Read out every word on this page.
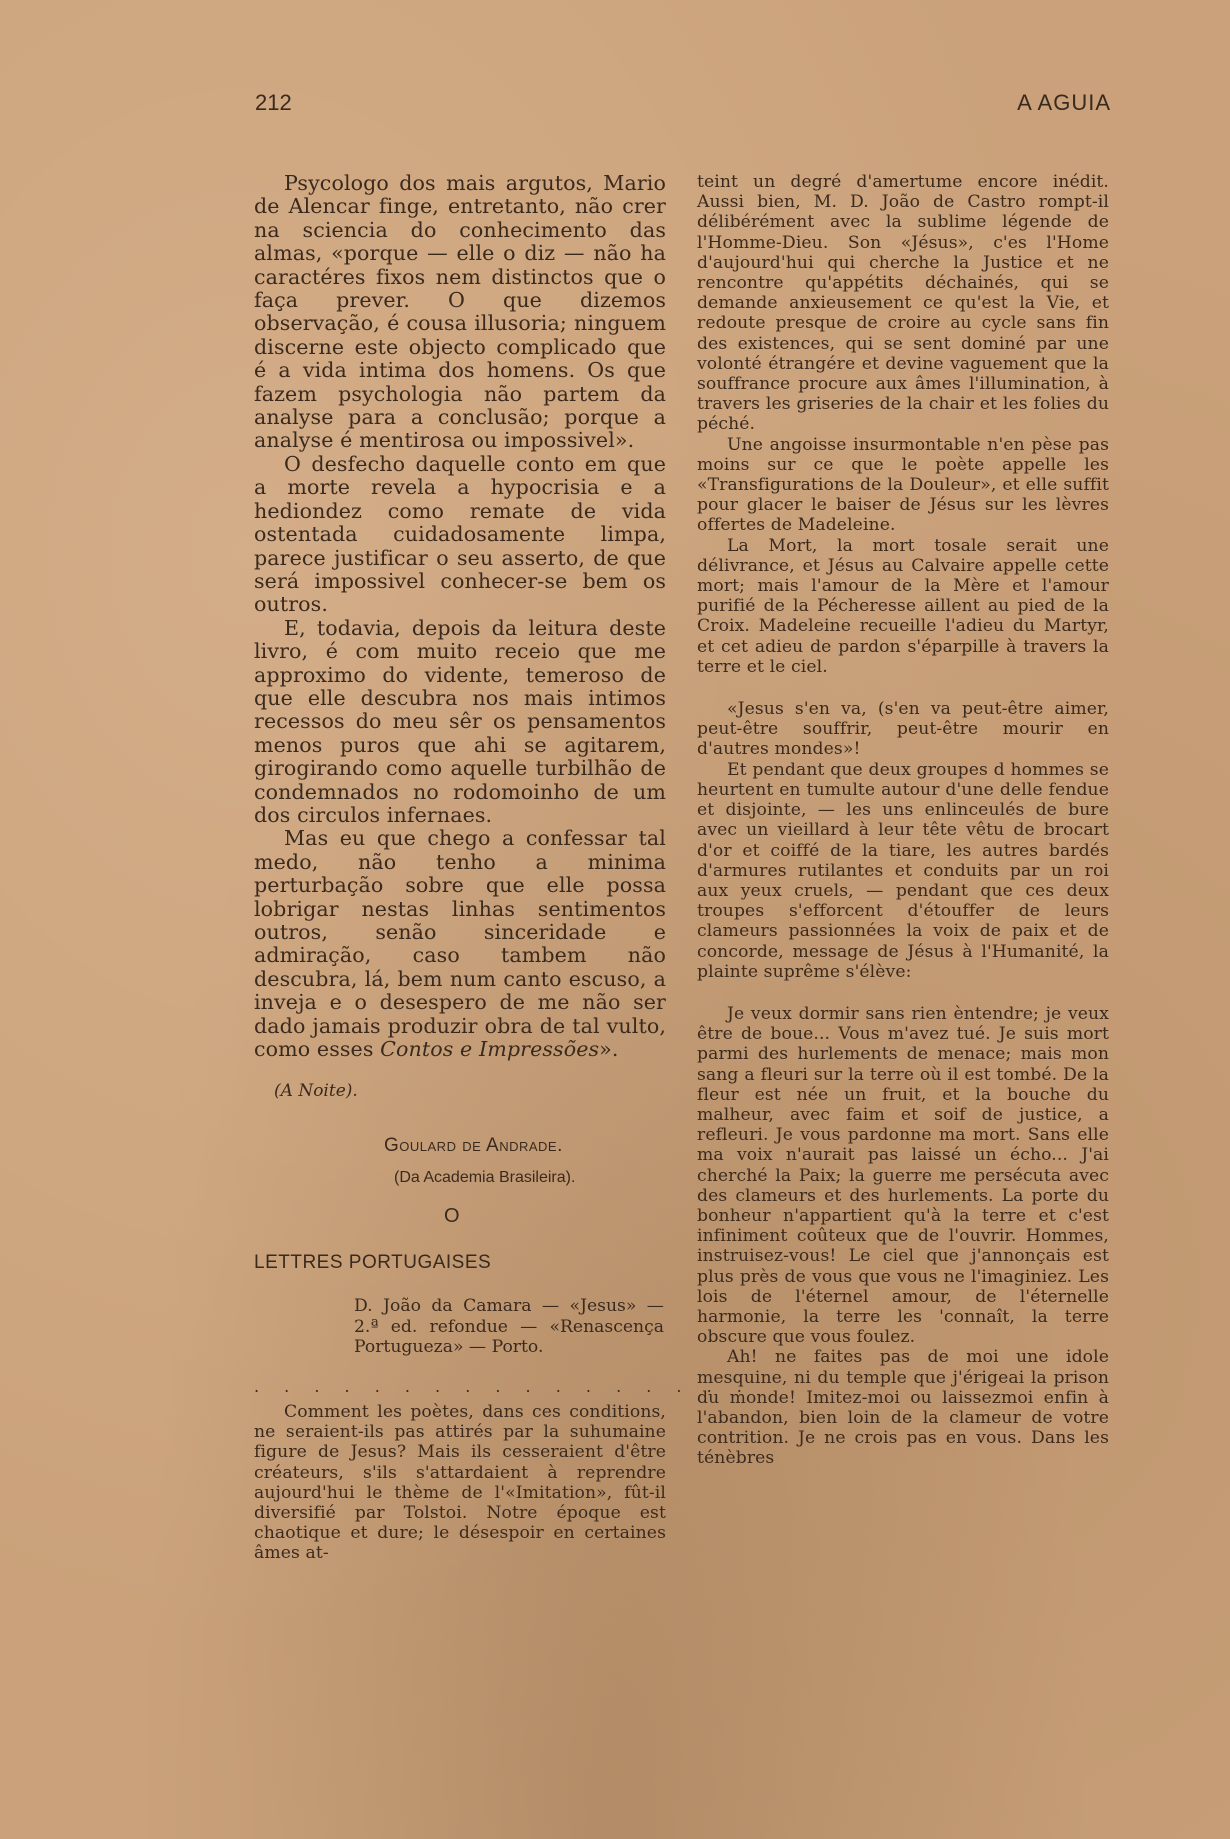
212	A AGUIA

Psycologo dos mais argutos, Mario de Alencar finge, entretanto, não crer na sciencia do conhecimento das almas, «porque — elle o diz — não ha caractéres fixos nem distinctos que o faça prever. O que dizemos observação, é cousa illusoria; ninguem discerne este objecto complicado que é a vida intima dos homens. Os que fazem psychologia não partem da analyse para a conclusão; porque a analyse é mentirosa ou impossivel».

O desfecho daquelle conto em que a morte revela a hypocrisia e a hediondez como remate de vida ostentada cuidadosamente limpa, parece justificar o seu asserto, de que será impossivel conhecer-se bem os outros.

E, todavia, depois da leitura deste livro, é com muito receio que me approximo do vidente, temeroso de que elle descubra nos mais intimos recessos do meu sêr os pensamentos menos puros que ahi se agitarem, girogirando como aquelle turbilhão de condemnados no rodomoinho de um dos circulos infernaes.

Mas eu que chego a confessar tal medo, não tenho a minima perturbação sobre que elle possa lobrigar nestas linhas sentimentos outros, senão sinceridade e admiração, caso tambem não descubra, lá, bem num canto escuso, a inveja e o desespero de me não ser dado jamais produzir obra de tal vulto, como esses Contos e Impressões».

(A Noite).
Goulard de Andrade.
(Da Academia Brasileira).
O
LETTRES PORTUGAISES
D. João da Camara — «Jesus» — 2.ª ed. refondue — «Renascença Portugueza» — Porto.
. . . . . . . . . . . . . . . . .

Comment les poètes, dans ces conditions, ne seraient-ils pas attirés par la suhumaine figure de Jesus? Mais ils cesseraient d'être créateurs, s'ils s'attardaient à reprendre aujourd'hui le thème de l'«Imitation», fût-il diversifié par Tolstoi. Notre époque est chaotique et dure; le désespoir en certaines âmes at-

teint un degré d'amertume encore inédit. Aussi bien, M. D. João de Castro rompt-il délibérément avec la sublime légende de l'Homme-Dieu. Son «Jésus», c'es l'Home d'aujourd'hui qui cherche la Justice et ne rencontre qu'appétits déchainés, qui se demande anxieusement ce qu'est la Vie, et redoute presque de croire au cycle sans fin des existences, qui se sent dominé par une volonté étrangére et devine vaguement que la souffrance procure aux âmes l'illumination, à travers les griseries de la chair et les folies du péché.

Une angoisse insurmontable n'en pèse pas moins sur ce que le poète appelle les «Transfigurations de la Douleur», et elle suffit pour glacer le baiser de Jésus sur les lèvres offertes de Madeleine.

La Mort, la mort tosale serait une délivrance, et Jésus au Calvaire appelle cette mort; mais l'amour de la Mère et l'amour purifié de la Pécheresse aillent au pied de la Croix. Madeleine recueille l'adieu du Martyr, et cet adieu de pardon s'éparpille à travers la terre et le ciel.

«Jesus s'en va, (s'en va peut-être aimer, peut-être souffrir, peut-être mourir en d'autres mondes»!

Et pendant que deux groupes d hommes se heurtent en tumulte autour d'une delle fendue et disjointe, — les uns enlinceulés de bure avec un vieillard à leur tête vêtu de brocart d'or et coiffé de la tiare, les autres bardés d'armures rutilantes et conduits par un roi aux yeux cruels, — pendant que ces deux troupes s'efforcent d'étouffer de leurs clameurs passionnées la voix de paix et de concorde, message de Jésus à l'Humanité, la plainte suprême s'élève:

Je veux dormir sans rien èntendre; je veux être de boue... Vous m'avez tué. Je suis mort parmi des hurlements de menace; mais mon sang a fleuri sur la terre où il est tombé. De la fleur est née un fruit, et la bouche du malheur, avec faim et soif de justice, a refleuri. Je vous pardonne ma mort. Sans elle ma voix n'aurait pas laissé un écho... J'ai cherché la Paix; la guerre me persécuta avec des clameurs et des hurlements. La porte du bonheur n'appartient qu'à la terre et c'est infiniment coûteux que de l'ouvrir. Hommes, instruisez-vous! Le ciel que j'annonçais est plus près de vous que vous ne l'imaginiez. Les lois de l'éternel amour, de l'éternelle harmonie, la terre les 'connaît, la terre obscure que vous foulez.

Ah! ne faites pas de moi une idole mesquine, ni du temple que j'érigeai la prison du monde! Imitez-moi ou laissezmoi enfin à l'abandon, bien loin de la clameur de votre contrition. Je ne crois pas en vous. Dans les ténèbres
